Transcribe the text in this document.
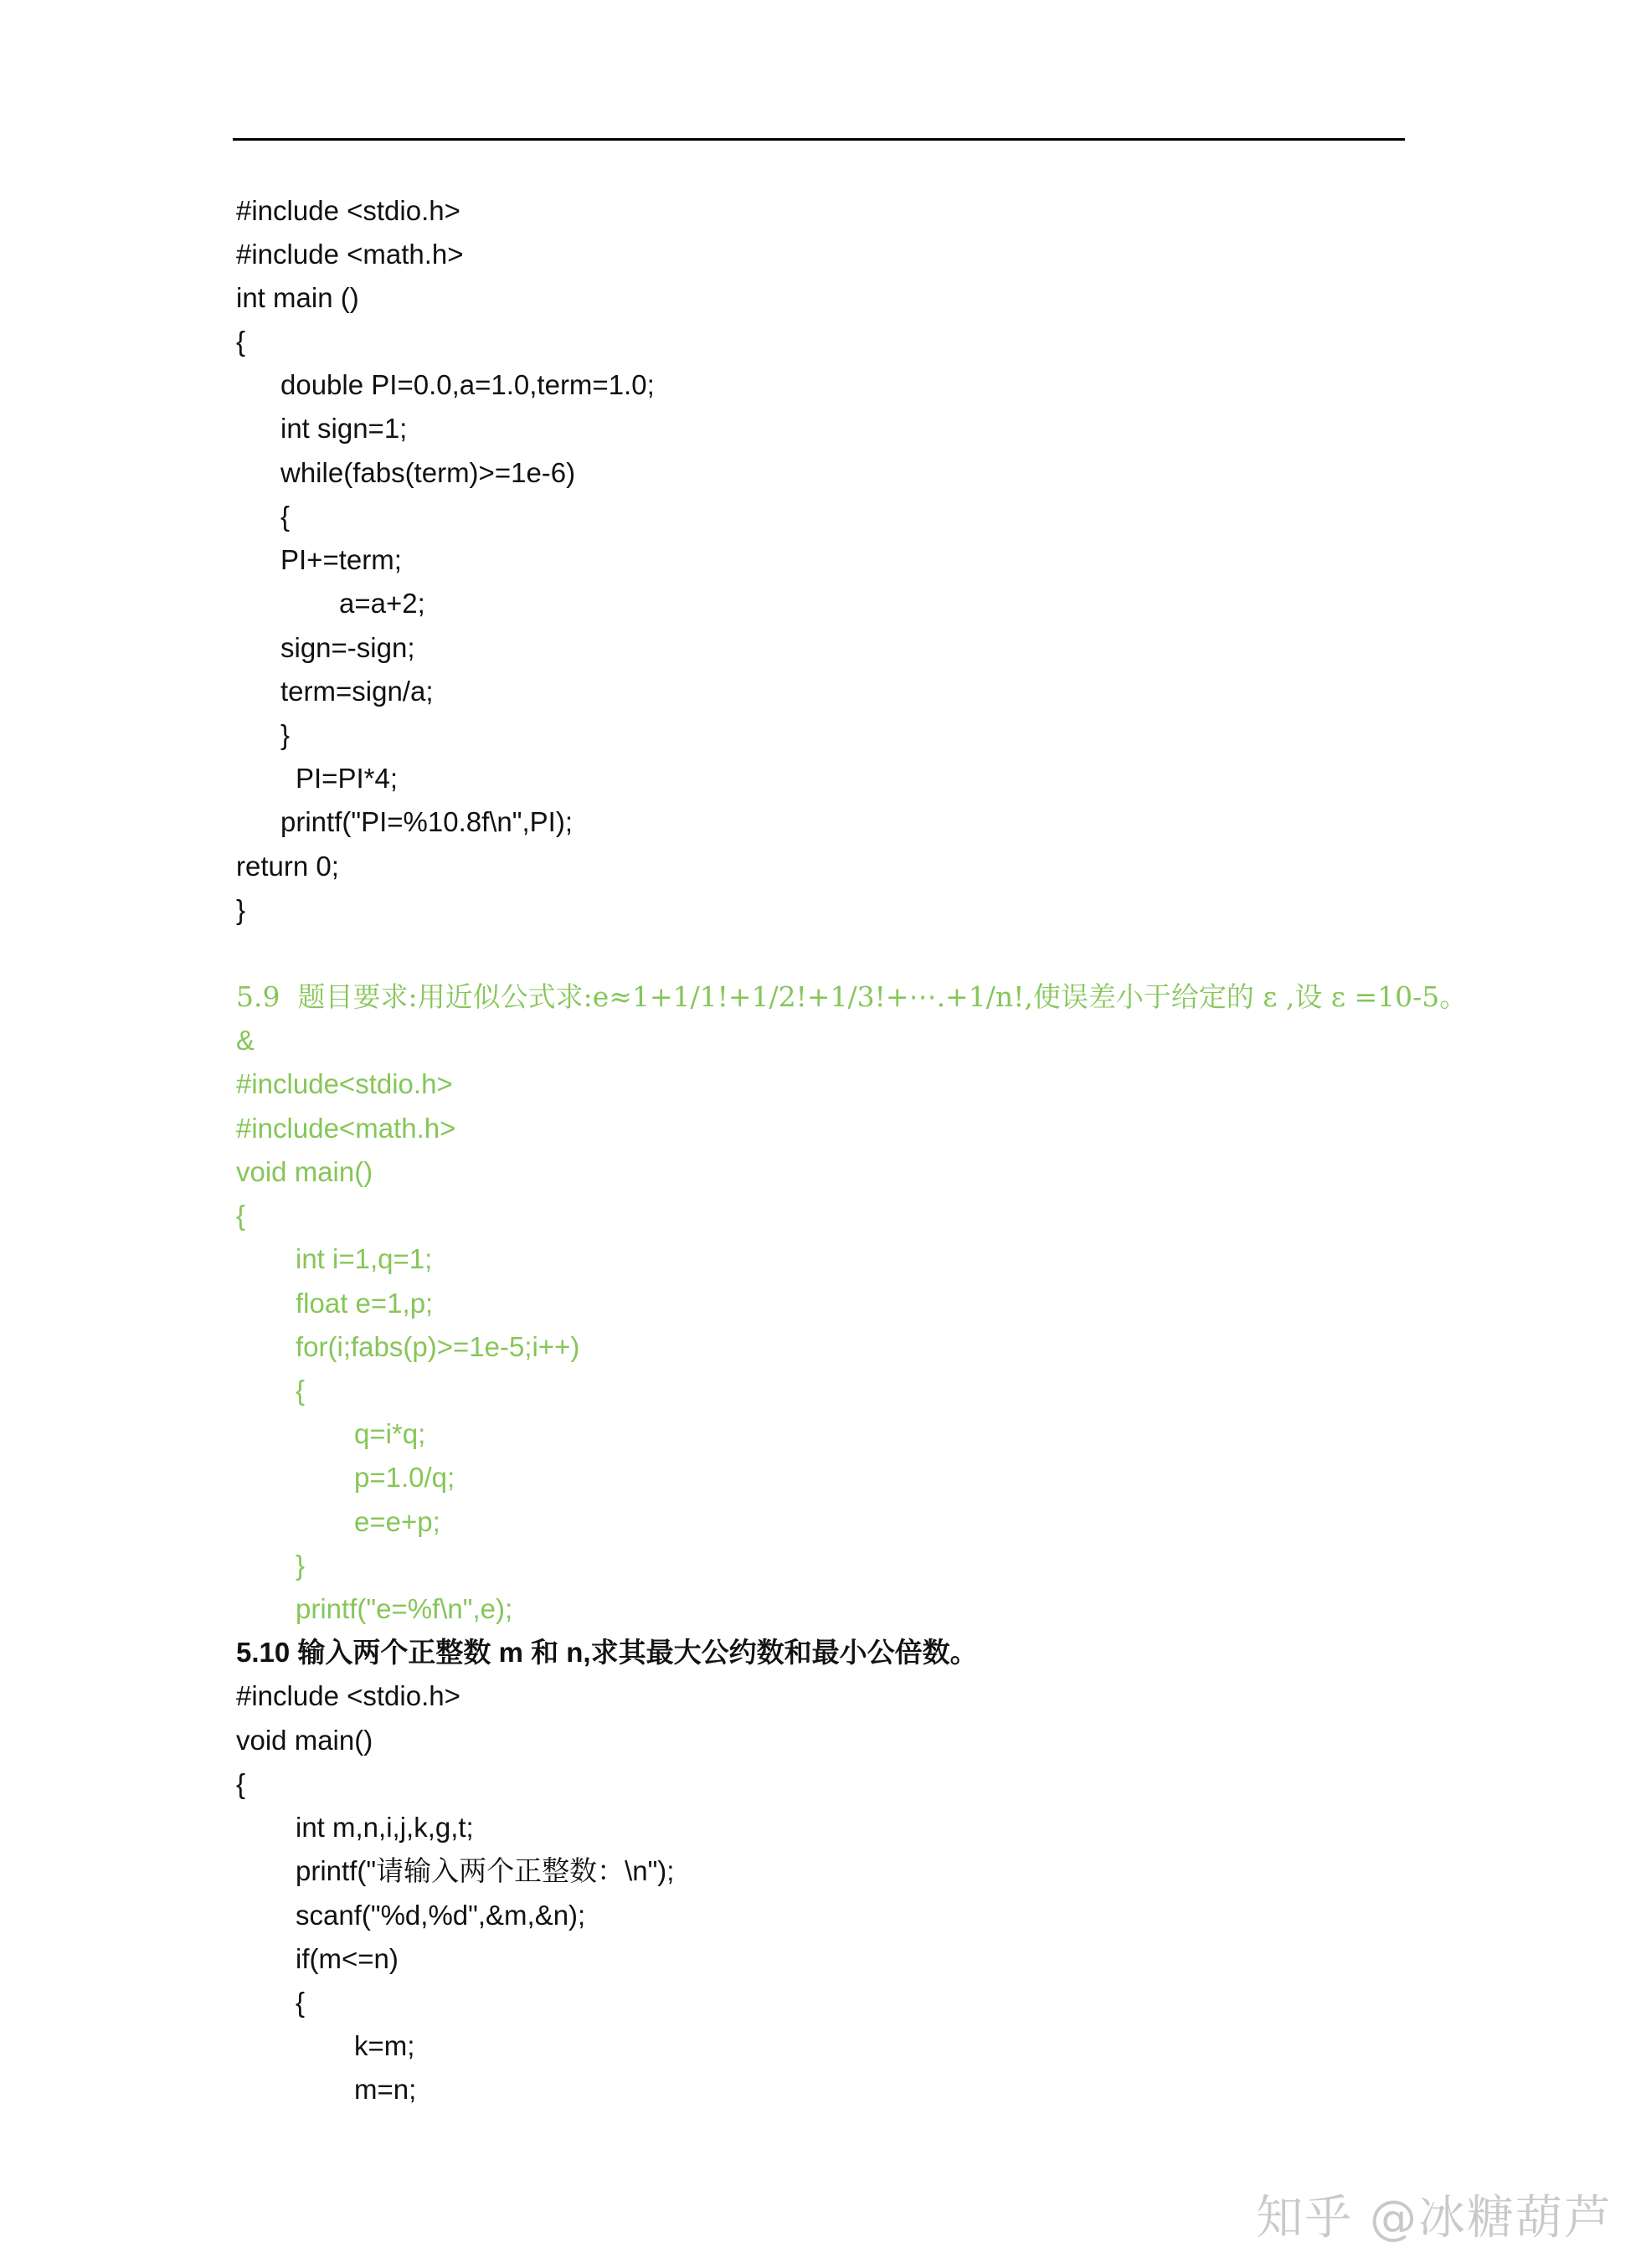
#include <stdio.h>
#include <math.h>
int main ()
{
double PI=0.0,a=1.0,term=1.0;
int sign=1;
while(fabs(term)>=1e-6)
{
PI+=term;
a=a+2;
sign=-sign;
term=sign/a;
}
PI=PI*4;
printf("PI=%10.8f\n",PI);
return 0;
}
5.9  题目要求:用近似公式求:e≈1+1/1!+1/2!+1/3!+⋯.+1/n!,使误差小于给定的 ε ,设 ε =10-5。
&
#include<stdio.h>
#include<math.h>
void main()
{
int i=1,q=1;
float e=1,p;
for(i;fabs(p)>=1e-5;i++)
{
q=i*q;
p=1.0/q;
e=e+p;
}
printf("e=%f\n",e);
5.10 输入两个正整数 m 和 n,求其最大公约数和最小公倍数。
#include <stdio.h>
void main()
{
int m,n,i,j,k,g,t;
printf("请输入两个正整数：\n");
scanf("%d,%d",&m,&n);
if(m<=n)
{
k=m;
m=n;
知乎 @冰糖葫芦
